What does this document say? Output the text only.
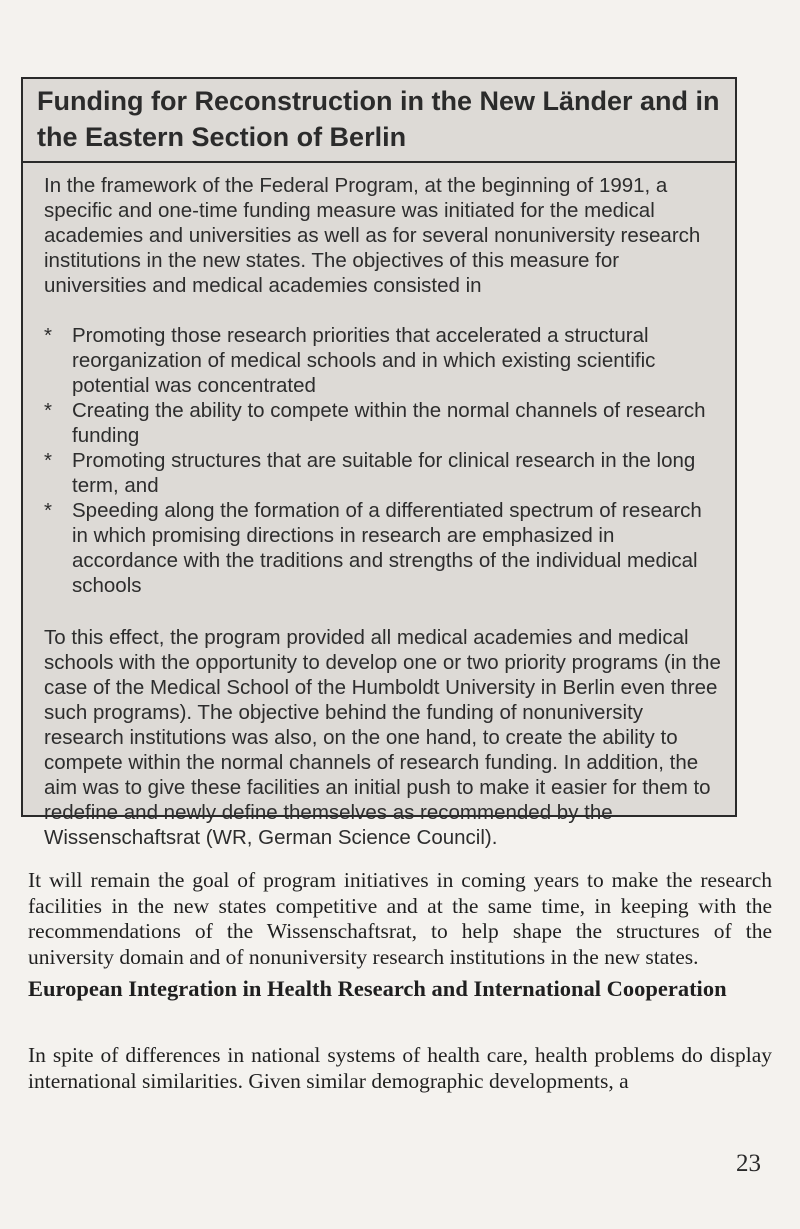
Funding for Reconstruction in the New Länder and in the Eastern Section of Berlin

In the framework of the Federal Program, at the beginning of 1991, a specific and one-time funding measure was initiated for the medical academies and universities as well as for several nonuniversity research institutions in the new states. The objectives of this measure for universities and medical academies consisted in

* Promoting those research priorities that accelerated a structural reorganization of medical schools and in which existing scientific potential was concentrated
* Creating the ability to compete within the normal channels of research funding
* Promoting structures that are suitable for clinical research in the long term, and
* Speeding along the formation of a differentiated spectrum of research in which promising directions in research are emphasized in accordance with the traditions and strengths of the individual medical schools

To this effect, the program provided all medical academies and medical schools with the opportunity to develop one or two priority programs (in the case of the Medical School of the Humboldt University in Berlin even three such programs). The objective behind the funding of nonuniversity research institutions was also, on the one hand, to create the ability to compete within the normal channels of research funding. In addition, the aim was to give these facilities an initial push to make it easier for them to redefine and newly define themselves as recommended by the Wissenschaftsrat (WR, German Science Council).

It will remain the goal of program initiatives in coming years to make the research facilities in the new states competitive and at the same time, in keeping with the recommendations of the Wissenschaftsrat, to help shape the structures of the university domain and of nonuniversity research institutions in the new states.

European Integration in Health Research and International Cooperation

In spite of differences in national systems of health care, health problems do display international similarities. Given similar demographic developments, a

23
